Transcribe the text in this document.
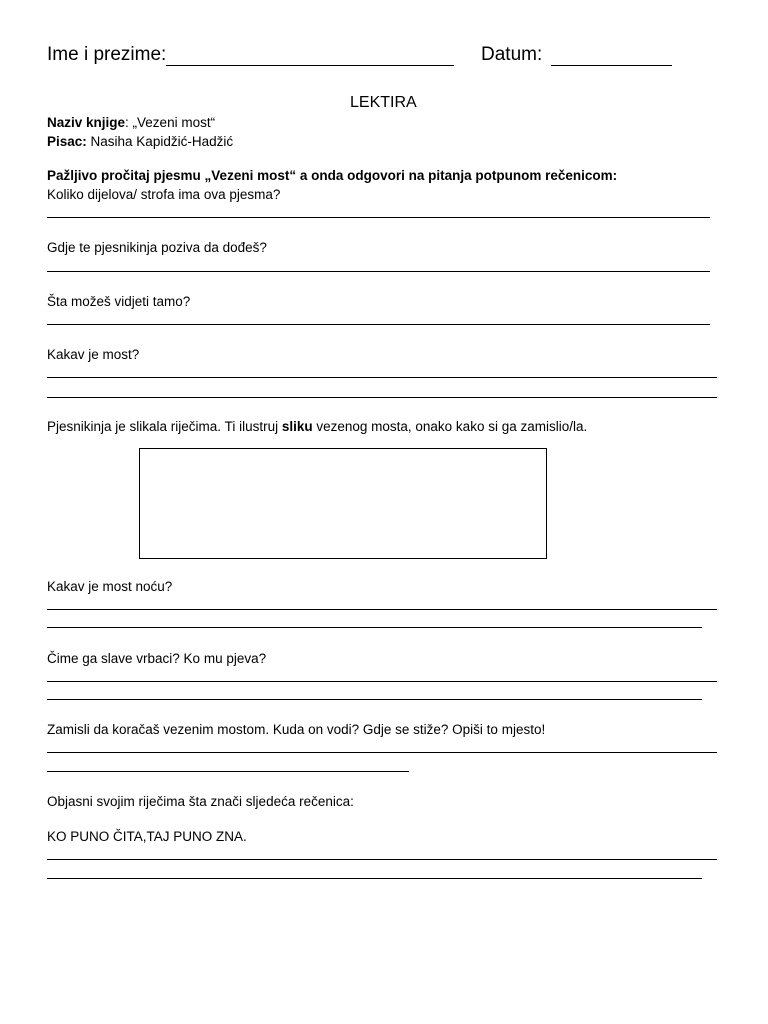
Ime i prezime:	Datum:
LEKTIRA
Naziv knjige: „Vezeni most“
Pisac: Nasiha Kapidžić-Hadžić
Pažljivo pročitaj pjesmu „Vezeni most“ a onda odgovori na pitanja potpunom rečenicom:
Koliko dijelova/ strofa ima ova pjesma?
Gdje te pjesnikinja poziva da dođeš?
Šta možeš vidjeti tamo?
Kakav je most?
Pjesnikinja je slikala riječima. Ti ilustruj sliku vezenog mosta, onako kako si ga zamislio/la.
Kakav je most noću?
Čime ga slave vrbaci? Ko mu pjeva?
Zamisli da koračaš vezenim mostom. Kuda on vodi? Gdje se stiže? Opiši to mjesto!
Objasni svojim riječima šta znači sljedeća rečenica:
KO PUNO ČITA,TAJ PUNO ZNA.
